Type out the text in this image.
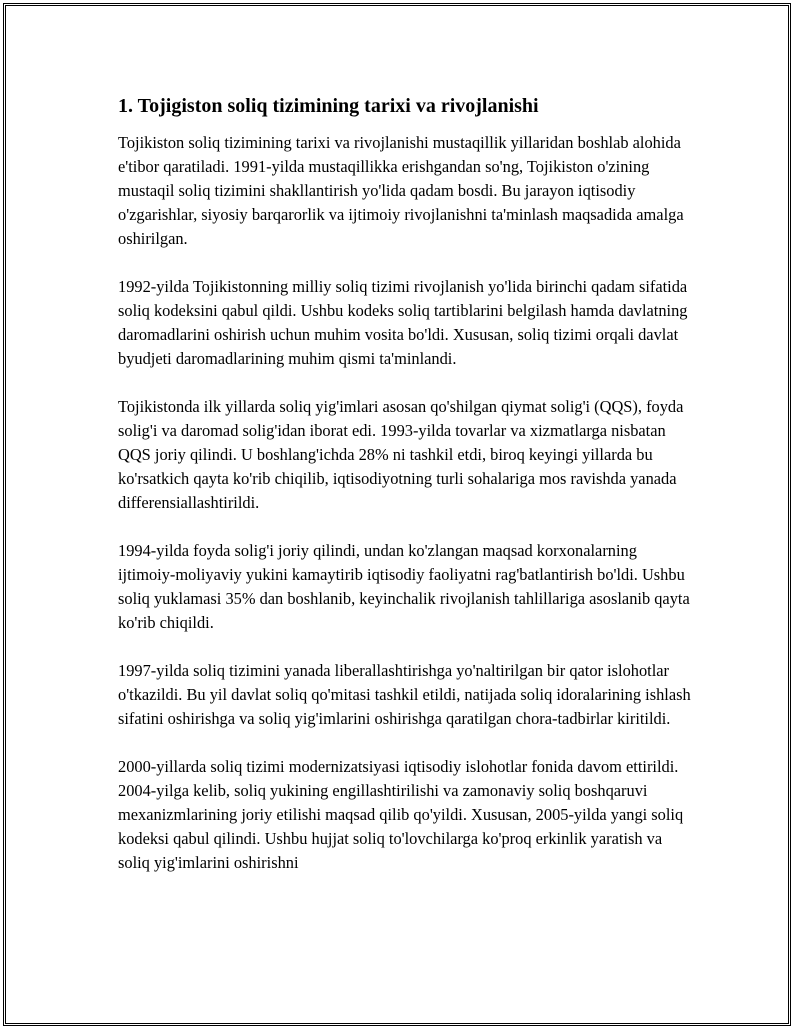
1. Tojigiston soliq tizimining tarixi va rivojlanishi

Tojikiston soliq tizimining tarixi va rivojlanishi mustaqillik yillaridan boshlab alohida e'tibor qaratiladi. 1991-yilda mustaqillikka erishgandan so'ng, Tojikiston o'zining mustaqil soliq tizimini shakllantirish yo'lida qadam bosdi. Bu jarayon iqtisodiy o'zgarishlar, siyosiy barqarorlik va ijtimoiy rivojlanishni ta'minlash maqsadida amalga oshirilgan.

1992-yilda Tojikistonning milliy soliq tizimi rivojlanish yo'lida birinchi qadam sifatida soliq kodeksini qabul qildi. Ushbu kodeks soliq tartiblarini belgilash hamda davlatning daromadlarini oshirish uchun muhim vosita bo'ldi. Xususan, soliq tizimi orqali davlat byudjeti daromadlarining muhim qismi ta'minlandi.

Tojikistonda ilk yillarda soliq yig'imlari asosan qo'shilgan qiymat solig'i (QQS), foyda solig'i va daromad solig'idan iborat edi. 1993-yilda tovarlar va xizmatlarga nisbatan QQS joriy qilindi. U boshlang'ichda 28% ni tashkil etdi, biroq keyingi yillarda bu ko'rsatkich qayta ko'rib chiqilib, iqtisodiyotning turli sohalariga mos ravishda yanada differensiallashtirildi.

1994-yilda foyda solig'i joriy qilindi, undan ko'zlangan maqsad korxonalarning ijtimoiy-moliyaviy yukini kamaytirib iqtisodiy faoliyatni rag'batlantirish bo'ldi. Ushbu soliq yuklamasi 35% dan boshlanib, keyinchalik rivojlanish tahlillariga asoslanib qayta ko'rib chiqildi.

1997-yilda soliq tizimini yanada liberallashtirishga yo'naltirilgan bir qator islohotlar o'tkazildi. Bu yil davlat soliq qo'mitasi tashkil etildi, natijada soliq idoralarining ishlash sifatini oshirishga va soliq yig'imlarini oshirishga qaratilgan chora-tadbirlar kiritildi.

2000-yillarda soliq tizimi modernizatsiyasi iqtisodiy islohotlar fonida davom ettirildi. 2004-yilga kelib, soliq yukining engillashtirilishi va zamonaviy soliq boshqaruvi mexanizmlarining joriy etilishi maqsad qilib qo'yildi. Xususan, 2005-yilda yangi soliq kodeksi qabul qilindi. Ushbu hujjat soliq to'lovchilarga ko'proq erkinlik yaratish va soliq yig'imlarini oshirishni
